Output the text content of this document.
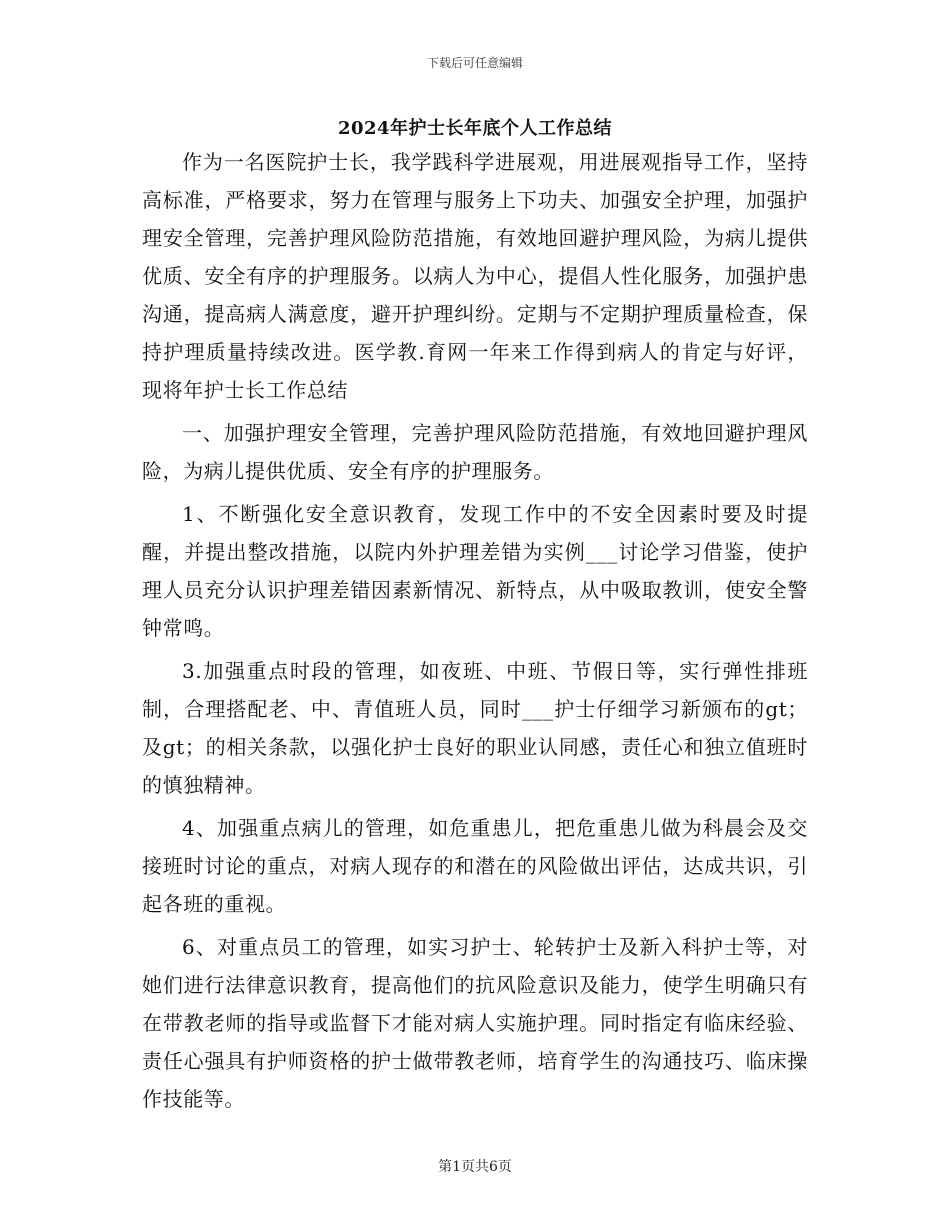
下载后可任意编辑
2024年护士长年底个人工作总结

作为一名医院护士长，我学践科学进展观，用进展观指导工作，坚持高标准，严格要求，努力在管理与服务上下功夫、加强安全护理，加强护理安全管理，完善护理风险防范措施，有效地回避护理风险，为病儿提供优质、安全有序的护理服务。以病人为中心，提倡人性化服务，加强护患沟通，提高病人满意度，避开护理纠纷。定期与不定期护理质量检查，保持护理质量持续改进。医学教.育网一年来工作得到病人的肯定与好评，现将年护士长工作总结

一、加强护理安全管理，完善护理风险防范措施，有效地回避护理风险，为病儿提供优质、安全有序的护理服务。

1、不断强化安全意识教育，发现工作中的不安全因素时要及时提醒，并提出整改措施，以院内外护理差错为实例___讨论学习借鉴，使护理人员充分认识护理差错因素新情况、新特点，从中吸取教训，使安全警钟常鸣。

3.加强重点时段的管理，如夜班、中班、节假日等，实行弹性排班制，合理搭配老、中、青值班人员，同时___护士仔细学习新颁布的gt；及gt；的相关条款，以强化护士良好的职业认同感，责任心和独立值班时的慎独精神。

4、加强重点病儿的管理，如危重患儿，把危重患儿做为科晨会及交接班时讨论的重点，对病人现存的和潜在的风险做出评估，达成共识，引起各班的重视。

6、对重点员工的管理，如实习护士、轮转护士及新入科护士等，对她们进行法律意识教育，提高他们的抗风险意识及能力，使学生明确只有在带教老师的指导或监督下才能对病人实施护理。同时指定有临床经验、责任心强具有护师资格的护士做带教老师，培育学生的沟通技巧、临床操作技能等。

第1页共6页
